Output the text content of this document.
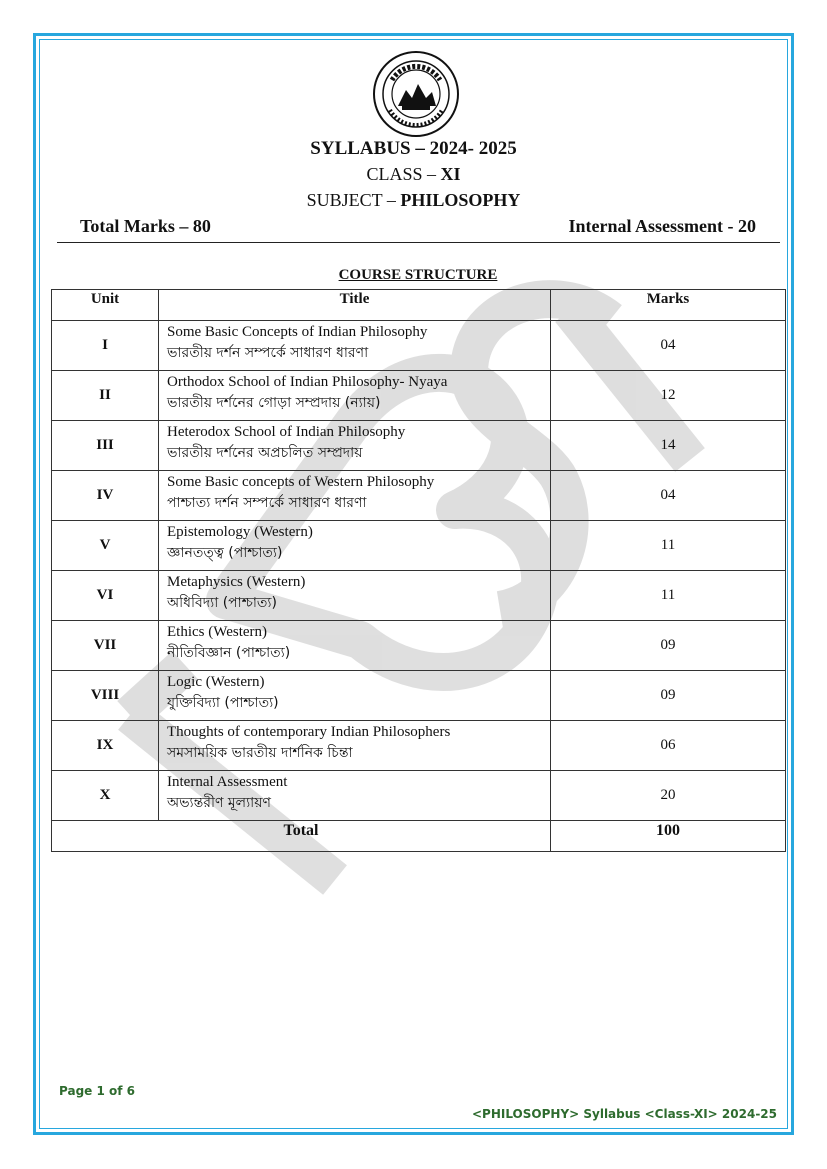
SYLLABUS – 2024- 2025
CLASS – XI
SUBJECT – PHILOSOPHY
Total Marks – 80	Internal Assessment - 20
COURSE STRUCTURE
Unit	Title	Marks
I	Some Basic Concepts of Indian Philosophy
ভারতীয় দর্শন সম্পর্কে সাধারণ ধারণা	04
II	Orthodox School of Indian Philosophy- Nyaya
ভারতীয় দর্শনের গোড়া সম্প্রদায় (ন্যায়)	12
III	Heterodox School of Indian Philosophy
ভারতীয় দর্শনের অপ্রচলিত সম্প্রদায়	14
IV	Some Basic concepts of Western Philosophy
পাশ্চাত্য দর্শন সম্পর্কে সাধারণ ধারণা	04
V	Epistemology (Western)
জ্ঞানতত্ত্ব (পাশ্চাত্য)	11
VI	Metaphysics (Western)
অধিবিদ্যা (পাশ্চাত্য)	11
VII	Ethics (Western)
নীতিবিজ্ঞান (পাশ্চাত্য)	09
VIII	Logic (Western)
যুক্তিবিদ্যা (পাশ্চাত্য)	09
IX	Thoughts of contemporary Indian Philosophers
সমসাময়িক ভারতীয় দার্শনিক চিন্তা	06
X	Internal Assessment
অভ্যন্তরীণ মূল্যায়ণ	20
Total		100
Page 1 of 6
<PHILOSOPHY> Syllabus <Class-XI> 2024-25
